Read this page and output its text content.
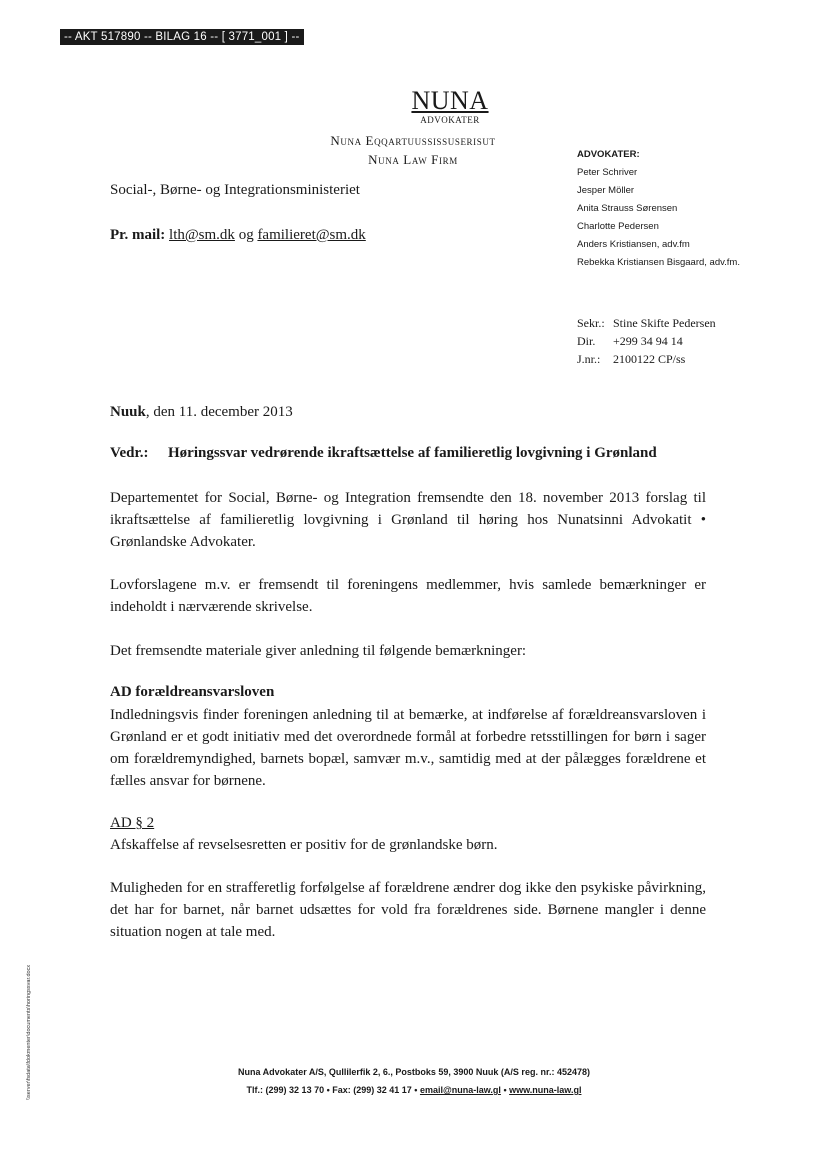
-- AKT 517890 -- BILAG 16 -- [ 3771_001 ] --
NUNA
ADVOKATER
Nuna Eqqartuussissuserisut
Nuna Law Firm	ADVOKATER:
Peter Schriver
Jesper Möller
Anita Strauss Sørensen
Charlotte Pedersen
Anders Kristiansen, adv.fm
Rebekka Kristiansen Bisgaard, adv.fm.
Social-, Børne- og Integrationsministeriet
Pr. mail: lth@sm.dk og familieret@sm.dk
Sekr.:	Stine Skifte Pedersen
Dir.	+299 34 94 14
J.nr.:	2100122 CP/ss
Nuuk, den 11. december 2013
Vedr.: Høringssvar vedrørende ikraftsættelse af familieretlig lovgivning i Grønland
Departementet for Social, Børne- og Integration fremsendte den 18. november 2013 forslag til ikraftsættelse af familieretlig lovgivning i Grønland til høring hos Nunatsinni Advokatit • Grønlandske Advokater.
Lovforslagene m.v. er fremsendt til foreningens medlemmer, hvis samlede bemærkninger er indeholdt i nærværende skrivelse.
Det fremsendte materiale giver anledning til følgende bemærkninger:
AD forældreansvarsloven
Indledningsvis finder foreningen anledning til at bemærke, at indførelse af forældreansvarsloven i Grønland er et godt initiativ med det overordnede formål at forbedre retsstillingen for børn i sager om forældremyndighed, barnets bopæl, samvær m.v., samtidig med at der pålægges forældrene et fælles ansvar for børnene.
AD § 2
Afskaffelse af revselsesretten er positiv for de grønlandske børn.
Muligheden for en strafferetlig forfølgelse af forældrene ændrer dog ikke den psykiske påvirkning, det har for barnet, når barnet udsættes for vold fra forældrenes side. Børnene mangler i denne situation nogen at tale med.
\\server\fsdata\fdokmenter\documents\horingssvar.docx	Nuna Advokater A/S, Qullilerfik 2, 6., Postboks 59, 3900 Nuuk (A/S reg. nr.: 452478)
Tlf.: (299) 32 13 70 • Fax: (299) 32 41 17 • email@nuna-law.gl • www.nuna-law.gl
